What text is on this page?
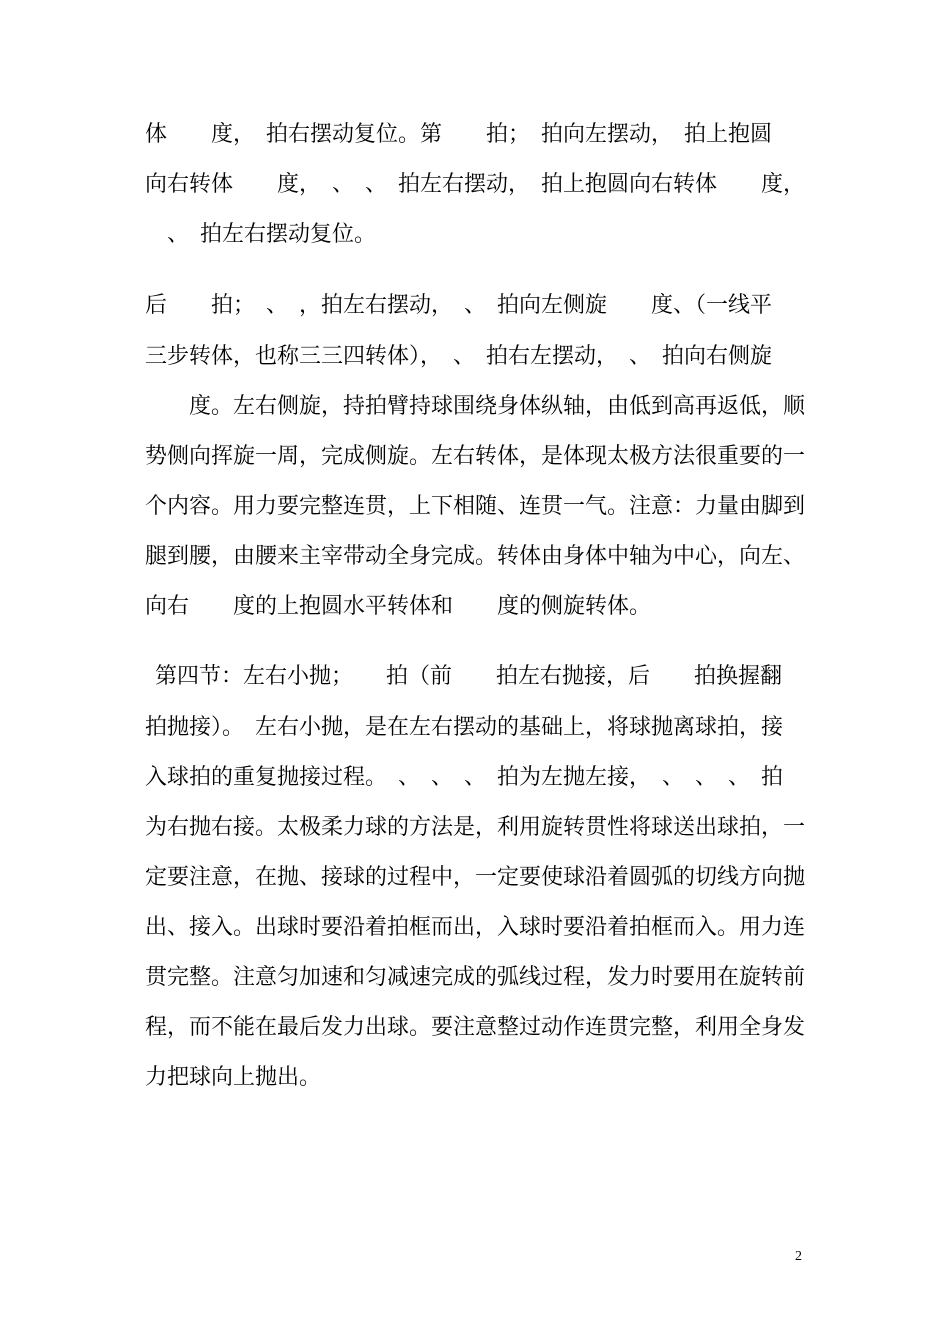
体　　度，　拍右摆动复位。第　　拍；　拍向左摆动，　拍上抱圆

向右转体　　度，　、　、　拍左右摆动，　拍上抱圆向右转体　　度，

　、　拍左右摆动复位。

后　　拍；　、　，拍左右摆动，　、　拍向左侧旋　　度、（一线平

三步转体，也称三三四转体），　、　拍右左摆动，　、　拍向右侧旋

　　度。左右侧旋，持拍臂持球围绕身体纵轴，由低到高再返低，顺

势侧向挥旋一周，完成侧旋。左右转体，是体现太极方法很重要的一

个内容。用力要完整连贯，上下相随、连贯一气。注意：力量由脚到

腿到腰，由腰来主宰带动全身完成。转体由身体中轴为中心，向左、

向右　　度的上抱圆水平转体和　　度的侧旋转体。

第四节：左右小抛；　　拍（前　　拍左右抛接，后　　拍换握翻

拍抛接）。　左右小抛，是在左右摆动的基础上，将球抛离球拍，接

入球拍的重复抛接过程。　、　、　、　拍为左抛左接，　、　、　、　拍

为右抛右接。太极柔力球的方法是，利用旋转贯性将球送出球拍，一

定要注意，在抛、接球的过程中，一定要使球沿着圆弧的切线方向抛

出、接入。出球时要沿着拍框而出，入球时要沿着拍框而入。用力连

贯完整。注意匀加速和匀减速完成的弧线过程，发力时要用在旋转前

程，而不能在最后发力出球。要注意整过动作连贯完整，利用全身发

力把球向上抛出。

2
